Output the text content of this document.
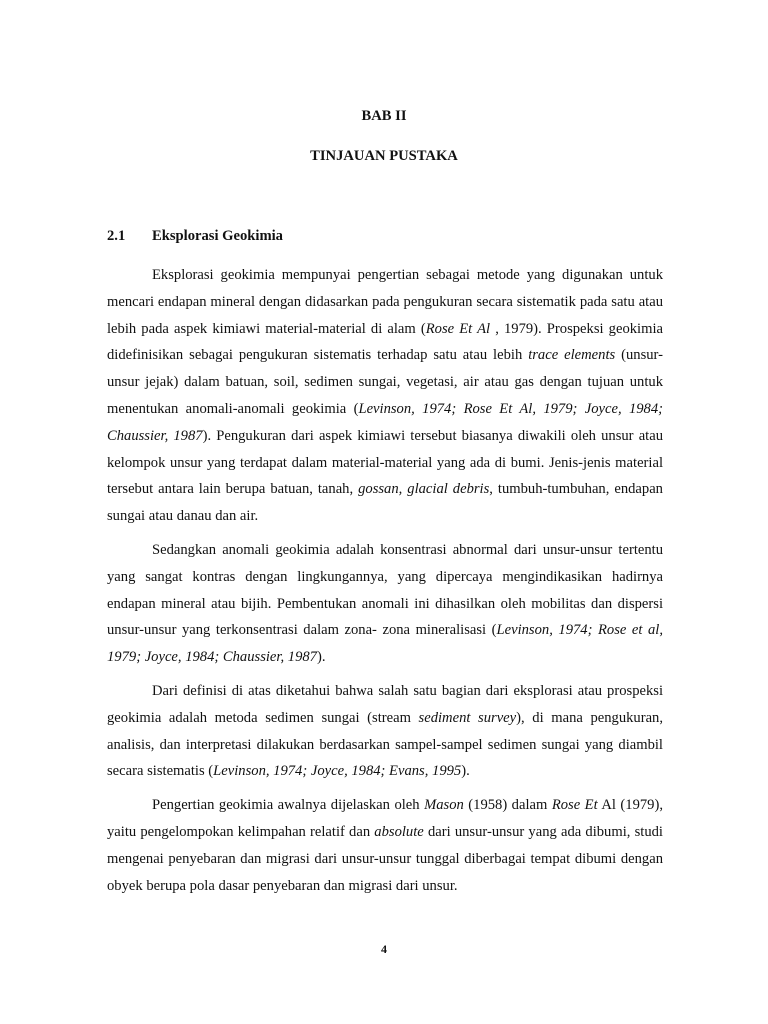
BAB II
TINJAUAN PUSTAKA
2.1 Eksplorasi Geokimia

Eksplorasi geokimia mempunyai pengertian sebagai metode yang digunakan untuk mencari endapan mineral dengan didasarkan pada pengukuran secara sistematik pada satu atau lebih pada aspek kimiawi material-material di alam (Rose Et Al , 1979). Prospeksi geokimia didefinisikan sebagai pengukuran sistematis terhadap satu atau lebih trace elements (unsur-unsur jejak) dalam batuan, soil, sedimen sungai, vegetasi, air atau gas dengan tujuan untuk menentukan anomali-anomali geokimia (Levinson, 1974; Rose Et Al, 1979; Joyce, 1984; Chaussier, 1987). Pengukuran dari aspek kimiawi tersebut biasanya diwakili oleh unsur atau kelompok unsur yang terdapat dalam material-material yang ada di bumi. Jenis-jenis material tersebut antara lain berupa batuan, tanah, gossan, glacial debris, tumbuh-tumbuhan, endapan sungai atau danau dan air.

Sedangkan anomali geokimia adalah konsentrasi abnormal dari unsur-unsur tertentu yang sangat kontras dengan lingkungannya, yang dipercaya mengindikasikan hadirnya endapan mineral atau bijih. Pembentukan anomali ini dihasilkan oleh mobilitas dan dispersi unsur-unsur yang terkonsentrasi dalam zona- zona mineralisasi (Levinson, 1974; Rose et al, 1979; Joyce, 1984; Chaussier, 1987).

Dari definisi di atas diketahui bahwa salah satu bagian dari eksplorasi atau prospeksi geokimia adalah metoda sedimen sungai (stream sediment survey), di mana pengukuran, analisis, dan interpretasi dilakukan berdasarkan sampel-sampel sedimen sungai yang diambil secara sistematis (Levinson, 1974; Joyce, 1984; Evans, 1995).

Pengertian geokimia awalnya dijelaskan oleh Mason (1958) dalam Rose Et Al (1979), yaitu pengelompokan kelimpahan relatif dan absolute dari unsur-unsur yang ada dibumi, studi mengenai penyebaran dan migrasi dari unsur-unsur tunggal diberbagai tempat dibumi dengan obyek berupa pola dasar penyebaran dan migrasi dari unsur.

4
